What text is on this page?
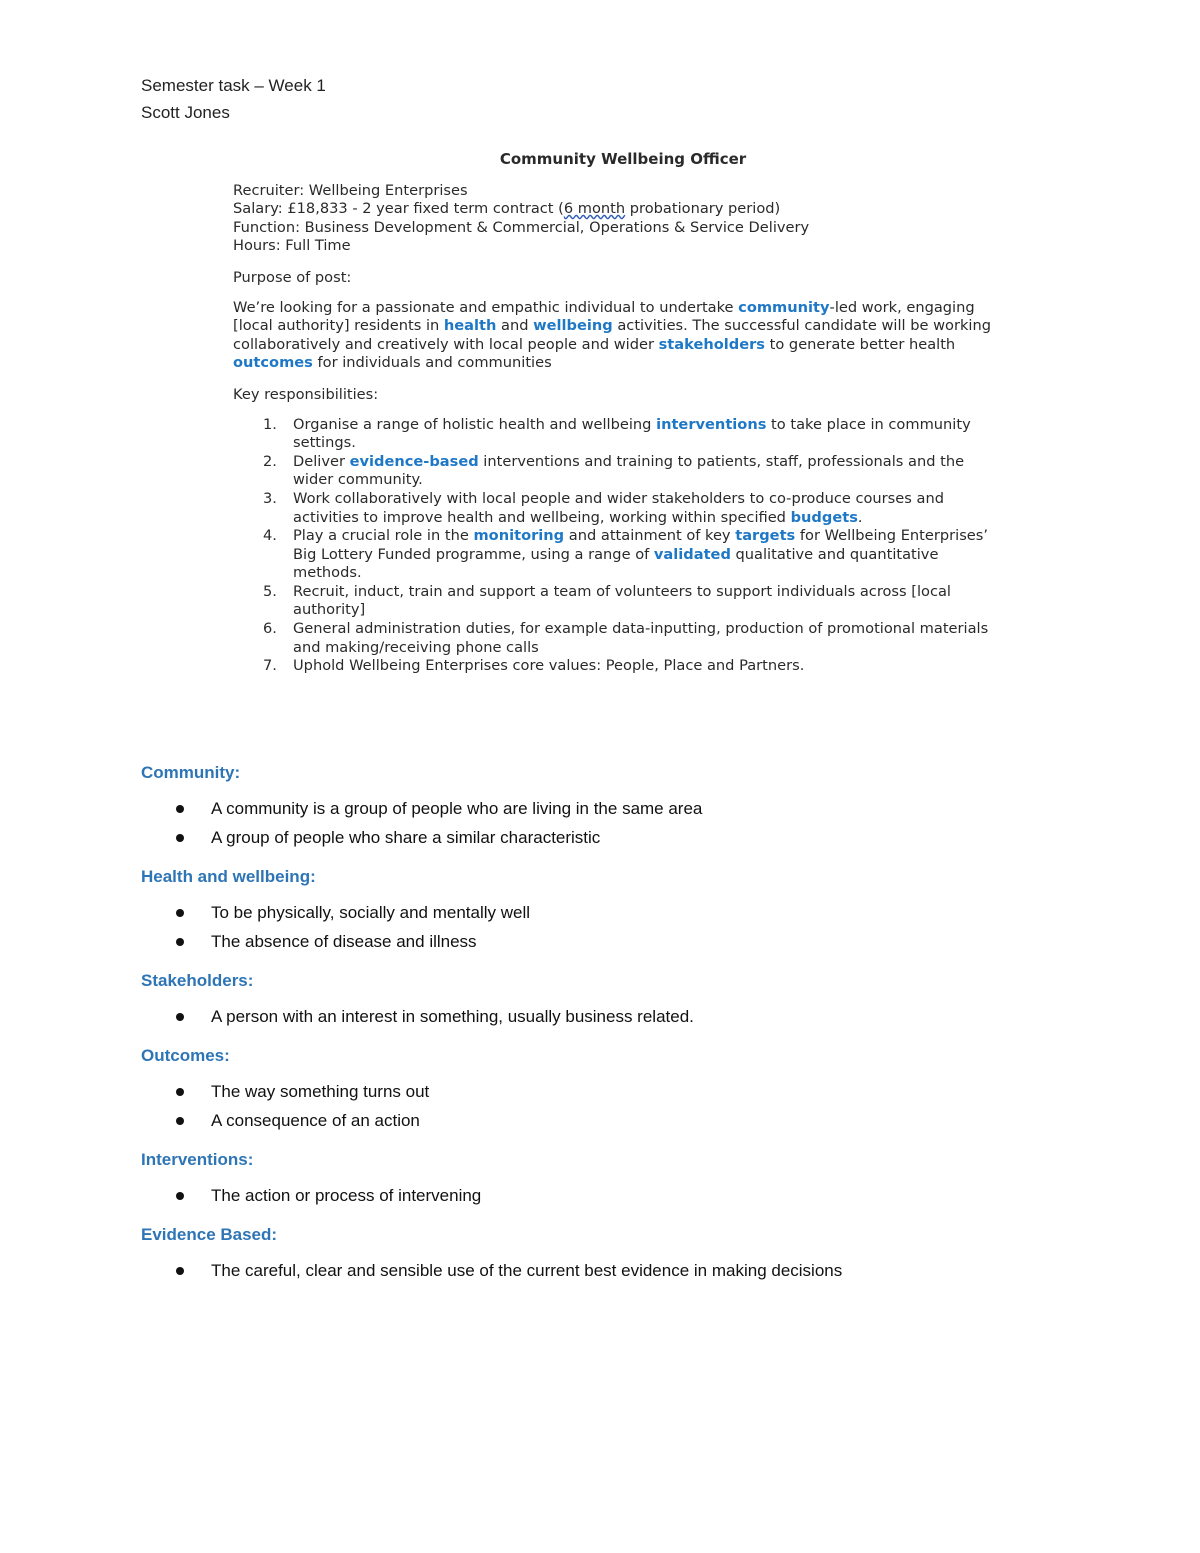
Semester task – Week 1
Scott Jones
Community Wellbeing Officer
Recruiter: Wellbeing Enterprises
Salary: £18,833 - 2 year fixed term contract (6 month probationary period)
Function: Business Development & Commercial, Operations & Service Delivery
Hours: Full Time
Purpose of post:

We’re looking for a passionate and empathic individual to undertake community-led work, engaging [local authority] residents in health and wellbeing activities. The successful candidate will be working collaboratively and creatively with local people and wider stakeholders to generate better health outcomes for individuals and communities

Key responsibilities:
1.	Organise a range of holistic health and wellbeing interventions to take place in community settings.
2.	Deliver evidence-based interventions and training to patients, staff, professionals and the wider community.
3.	Work collaboratively with local people and wider stakeholders to co-produce courses and activities to improve health and wellbeing, working within specified budgets.
4.	Play a crucial role in the monitoring and attainment of key targets for Wellbeing Enterprises’ Big Lottery Funded programme, using a range of validated qualitative and quantitative methods.
5.	Recruit, induct, train and support a team of volunteers to support individuals across [local authority]
6.	General administration duties, for example data-inputting, production of promotional materials and making/receiving phone calls
7.	Uphold Wellbeing Enterprises core values: People, Place and Partners.
Community:
A community is a group of people who are living in the same area
A group of people who share a similar characteristic
Health and wellbeing:
To be physically, socially and mentally well
The absence of disease and illness
Stakeholders:
A person with an interest in something, usually business related.
Outcomes:
The way something turns out
A consequence of an action
Interventions:
The action or process of intervening
Evidence Based:
The careful, clear and sensible use of the current best evidence in making decisions
